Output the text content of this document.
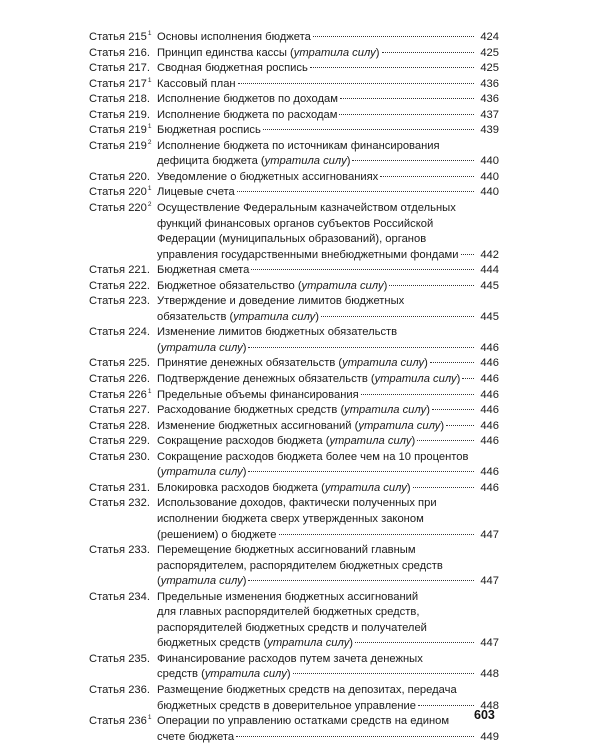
Статья $215^1$ Основы исполнения бюджета	424
Статья 216. Принцип единства кассы (утратила силу)	425
Статья 217. Сводная бюджетная роспись	425
Статья $217^1$ Кассовый план	436
Статья 218. Исполнение бюджетов по доходам	436
Статья 219. Исполнение бюджета по расходам	437
Статья $219^1$ Бюджетная роспись	439
Статья $219^2$ Исполнение бюджета по источникам финансирования
дефицита бюджета (утратила силу)	440
Статья 220. Уведомление о бюджетных ассигнованиях	440
Статья $220^1$ Лицевые счета	440
Статья $220^2$ Осуществление Федеральным казначейством отдельных
функций финансовых органов субъектов Российской
Федерации (муниципальных образований), органов
управления государственными внебюджетными фондами 442
Статья 221. Бюджетная смета	444
Статья 222. Бюджетное обязательство (утратила силу)	445
Статья 223. Утверждение и доведение лимитов бюджетных
обязательств (утратила силу)	445
Статья 224. Изменение лимитов бюджетных обязательств
(утратила силу)	446
Статья 225. Принятие денежных обязательств (утратила силу)	446
Статья 226. Подтверждение денежных обязательств (утратила силу) 446
Статья $226^1$ Предельные объемы финансирования	446
Статья 227. Расходование бюджетных средств (утратила силу)	446
Статья 228. Изменение бюджетных ассигнований (утратила силу)	446
Статья 229. Сокращение расходов бюджета (утратила силу)	446
Статья 230. Сокращение расходов бюджета более чем на 10 процентов
(утратила силу)	446
Статья 231. Блокировка расходов бюджета (утратила силу)	446
Статья 232. Использование доходов, фактически полученных при
исполнении бюджета сверх утвержденных законом
(решением) о бюджете	447
Статья 233. Перемещение бюджетных ассигнований главным
распорядителем, распорядителем бюджетных средств
(утратила силу)	447
Статья 234. Предельные изменения бюджетных ассигнований
для главных распорядителей бюджетных средств,
распорядителей бюджетных средств и получателей
бюджетных средств (утратила силу)	447
Статья 235. Финансирование расходов путем зачета денежных
средств (утратила силу)	448
Статья 236. Размещение бюджетных средств на депозитах, передача
бюджетных средств в доверительное управление	448
Статья $236^1$ Операции по управлению остатками средств на едином
счете бюджета	449
603
